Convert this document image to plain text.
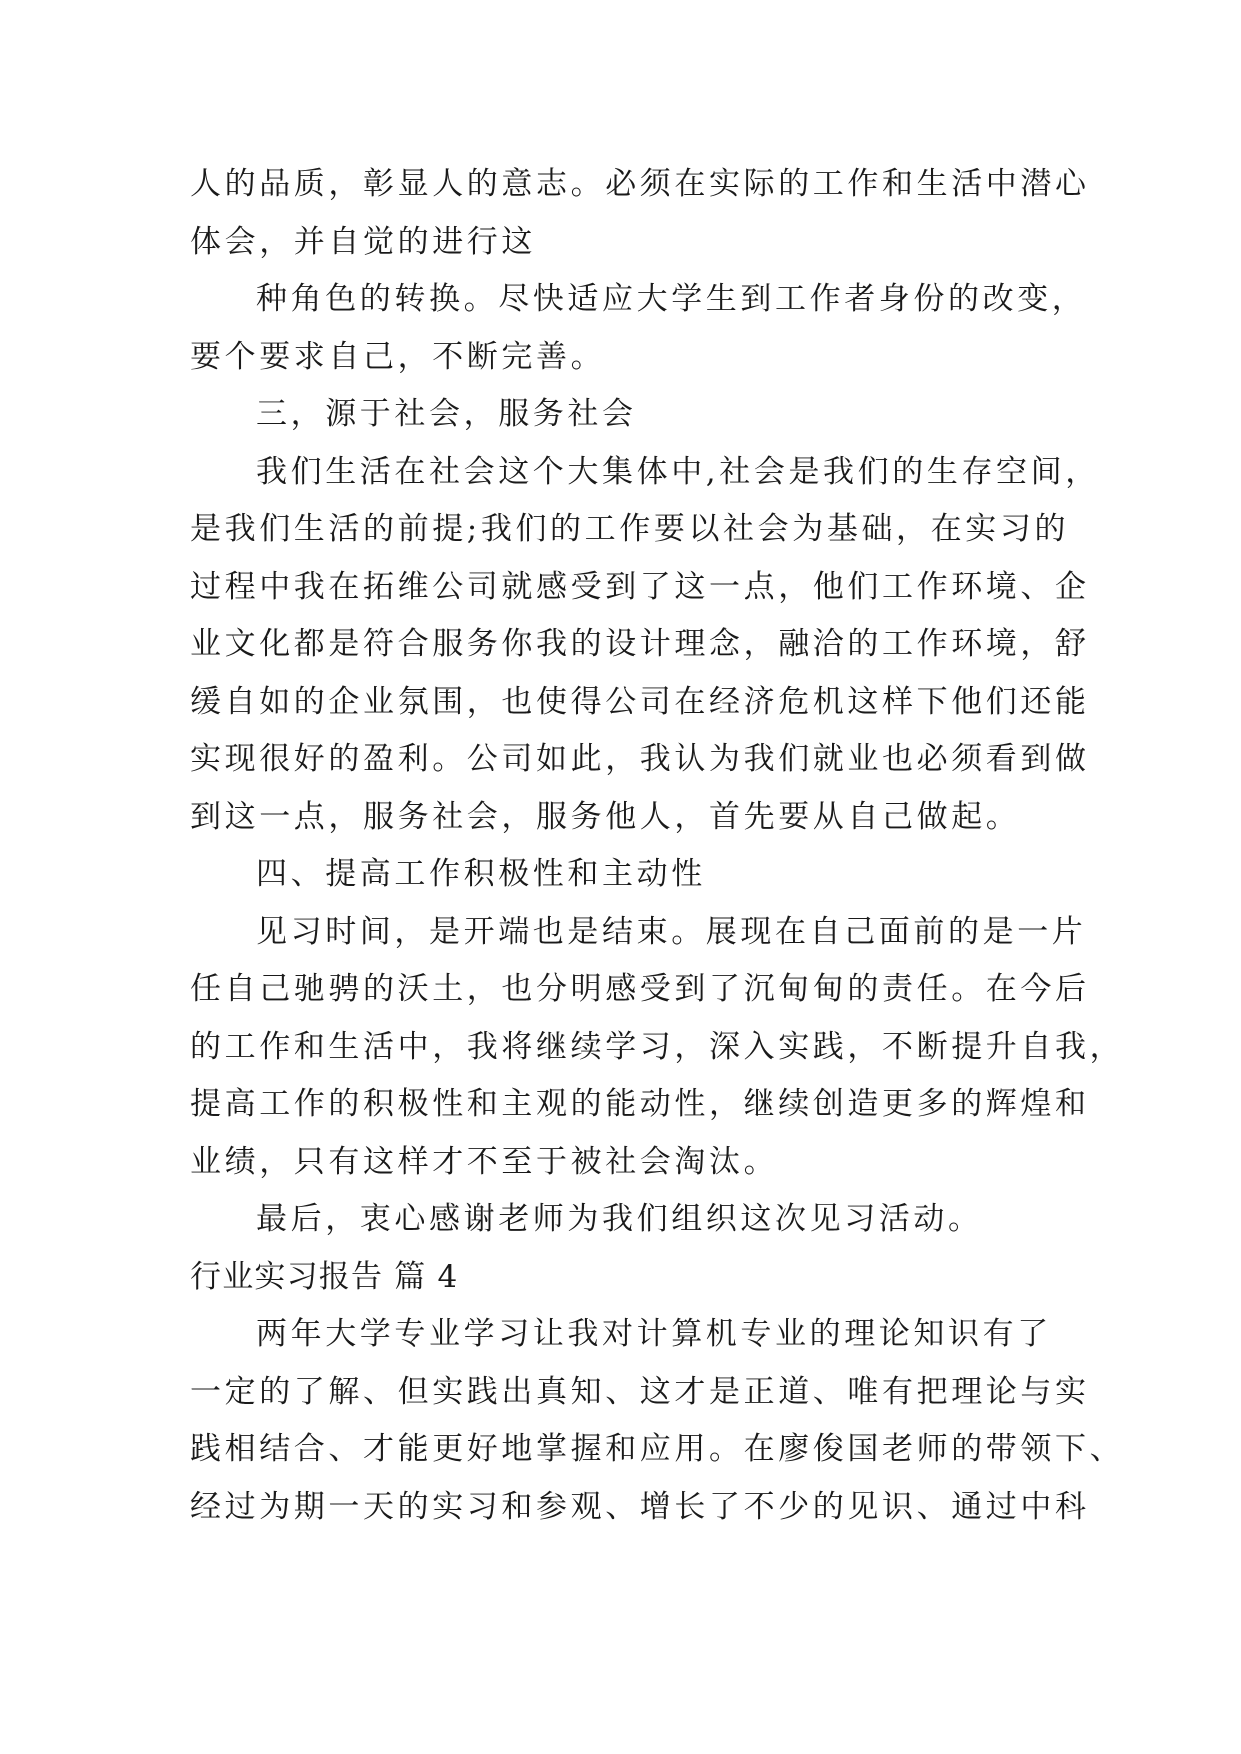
人的品质，彰显人的意志。必须在实际的工作和生活中潜心
体会，并自觉的进行这
种角色的转换。尽快适应大学生到工作者身份的改变，
要个要求自己，不断完善。
三，源于社会，服务社会
我们生活在社会这个大集体中,社会是我们的生存空间，
是我们生活的前提;我们的工作要以社会为基础，在实习的
过程中我在拓维公司就感受到了这一点，他们工作环境、企
业文化都是符合服务你我的设计理念，融洽的工作环境，舒
缓自如的企业氛围，也使得公司在经济危机这样下他们还能
实现很好的盈利。公司如此，我认为我们就业也必须看到做
到这一点，服务社会，服务他人，首先要从自己做起。
四、提高工作积极性和主动性
见习时间，是开端也是结束。展现在自己面前的是一片
任自己驰骋的沃土，也分明感受到了沉甸甸的责任。在今后
的工作和生活中，我将继续学习，深入实践，不断提升自我，
提高工作的积极性和主观的能动性，继续创造更多的辉煌和
业绩，只有这样才不至于被社会淘汰。
最后，衷心感谢老师为我们组织这次见习活动。
行业实习报告 篇 4
两年大学专业学习让我对计算机专业的理论知识有了
一定的了解、但实践出真知、这才是正道、唯有把理论与实
践相结合、才能更好地掌握和应用。在廖俊国老师的带领下、
经过为期一天的实习和参观、增长了不少的见识、通过中科
